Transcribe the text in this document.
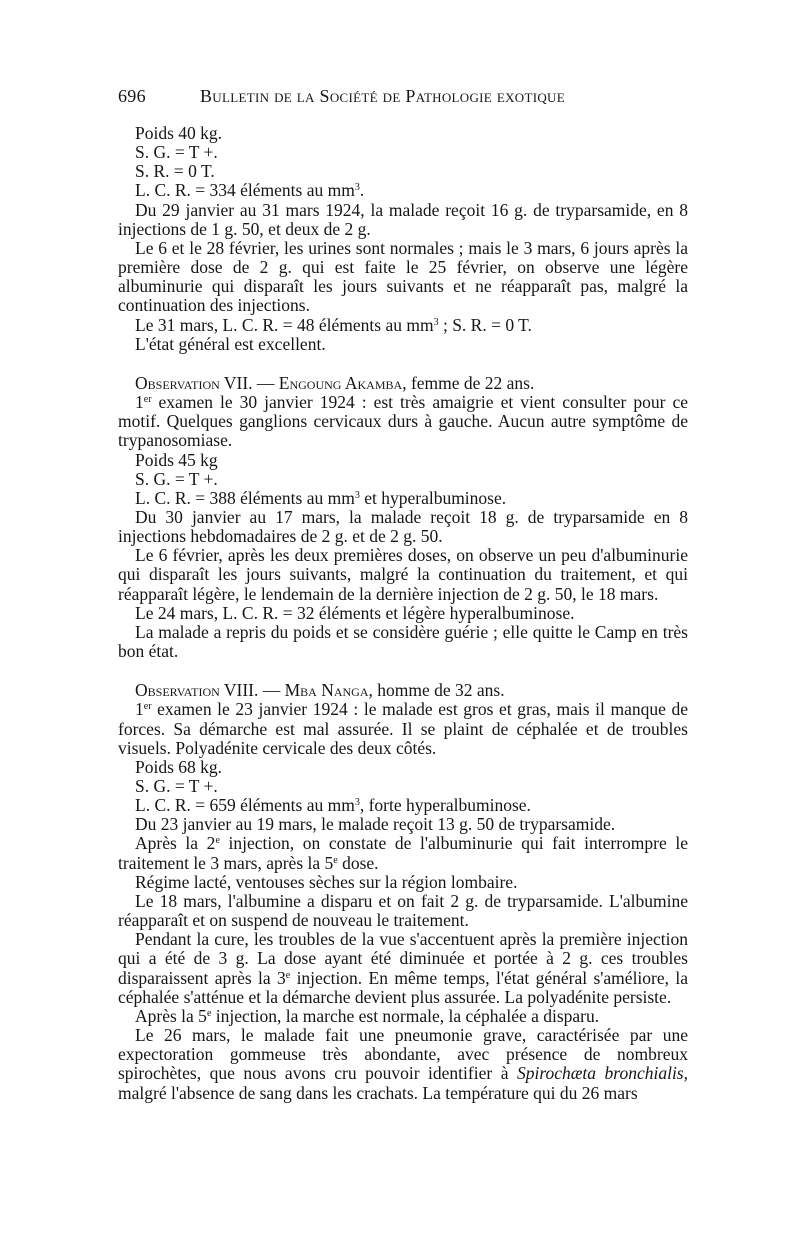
696	Bulletin de la Société de Pathologie exotique

Poids 40 kg.

S. G. = T +.

S. R. = 0 T.

L. C. R. = 334 éléments au $mm^3$.

Du 29 janvier au 31 mars 1924, la malade reçoit 16 g. de tryparsamide, en 8 injections de 1 g. 50, et deux de 2 g.

Le 6 et le 28 février, les urines sont normales ; mais le 3 mars, 6 jours après la première dose de 2 g. qui est faite le 25 février, on observe une légère albuminurie qui disparaît les jours suivants et ne réapparaît pas, malgré la continuation des injections.

Le 31 mars, L. C. R. = 48 éléments au $mm^3$ ; S. R. = 0 T.

L'état général est excellent.

Observation VII. — Engoung Akamba, femme de 22 ans.

1er examen le 30 janvier 1924 : est très amaigrie et vient consulter pour ce motif. Quelques ganglions cervicaux durs à gauche. Aucun autre symptôme de trypanosomiase.

Poids 45 kg

S. G. = T +.

L. C. R. = 388 éléments au $mm^3$ et hyperalbuminose.

Du 30 janvier au 17 mars, la malade reçoit 18 g. de tryparsamide en 8 injections hebdomadaires de 2 g. et de 2 g. 50.

Le 6 février, après les deux premières doses, on observe un peu d'albuminurie qui disparaît les jours suivants, malgré la continuation du traitement, et qui réapparaît légère, le lendemain de la dernière injection de 2 g. 50, le 18 mars.

Le 24 mars, L. C. R. = 32 éléments et légère hyperalbuminose.

La malade a repris du poids et se considère guérie ; elle quitte le Camp en très bon état.

Observation VIII. — Mba Nanga, homme de 32 ans.

1er examen le 23 janvier 1924 : le malade est gros et gras, mais il manque de forces. Sa démarche est mal assurée. Il se plaint de céphalée et de troubles visuels. Polyadénite cervicale des deux côtés.

Poids 68 kg.

S. G. = T +.

L. C. R. = 659 éléments au $mm^3$, forte hyperalbuminose.

Du 23 janvier au 19 mars, le malade reçoit 13 g. 50 de tryparsamide.

Après la 2e injection, on constate de l'albuminurie qui fait interrompre le traitement le 3 mars, après la 5e dose.

Régime lacté, ventouses sèches sur la région lombaire.

Le 18 mars, l'albumine a disparu et on fait 2 g. de tryparsamide. L'albumine réapparaît et on suspend de nouveau le traitement.

Pendant la cure, les troubles de la vue s'accentuent après la première injection qui a été de 3 g. La dose ayant été diminuée et portée à 2 g. ces troubles disparaissent après la 3e injection. En même temps, l'état général s'améliore, la céphalée s'atténue et la démarche devient plus assurée. La polyadénite persiste.

Après la 5e injection, la marche est normale, la céphalée a disparu.

Le 26 mars, le malade fait une pneumonie grave, caractérisée par une expectoration gommeuse très abondante, avec présence de nombreux spirochètes, que nous avons cru pouvoir identifier à Spirochæta bronchialis, malgré l'absence de sang dans les crachats. La température qui du 26 mars
